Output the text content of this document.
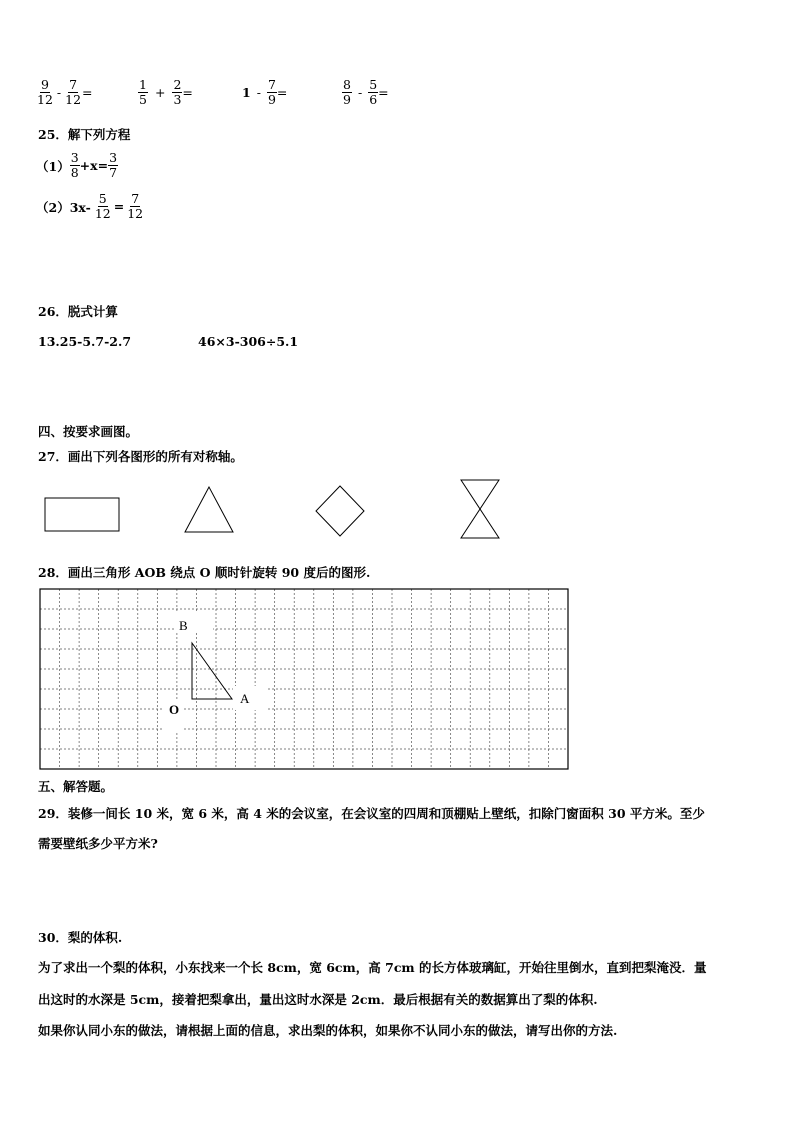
$\frac{9}{12} - \frac{7}{12}$ =	$\frac{1}{5} + \frac{2}{3}$ =	$1 - \frac{7}{9}$ =	$\frac{8}{9} - \frac{5}{6}$ =
25．解下列方程
$(1) \frac{3}{8} +x= \frac{3}{7}$
$(2)3x- \frac{5}{12} = \frac{7}{12}$
26．脱式计算
13.25-5.7-2.7	46×3-306÷5.1
四、按要求画图。
27．画出下列各图形的所有对称轴。
28．画出三角形 AOB 绕点 O 顺时针旋转 90 度后的图形.
B
A
O
五、解答题。
29．装修一间长 10 米，宽 6 米，高 4 米的会议室，在会议室的四周和顶棚贴上壁纸，扣除门窗面积 30 平方米。至少
需要壁纸多少平方米?
30．梨的体积.
为了求出一个梨的体积，小东找来一个长 8cm，宽 6cm，高 7cm 的长方体玻璃缸，开始往里倒水，直到把梨淹没．量
出这时的水深是 5cm，接着把梨拿出，量出这时水深是 2cm．最后根据有关的数据算出了梨的体积.
如果你认同小东的做法，请根据上面的信息，求出梨的体积，如果你不认同小东的做法，请写出你的方法.
